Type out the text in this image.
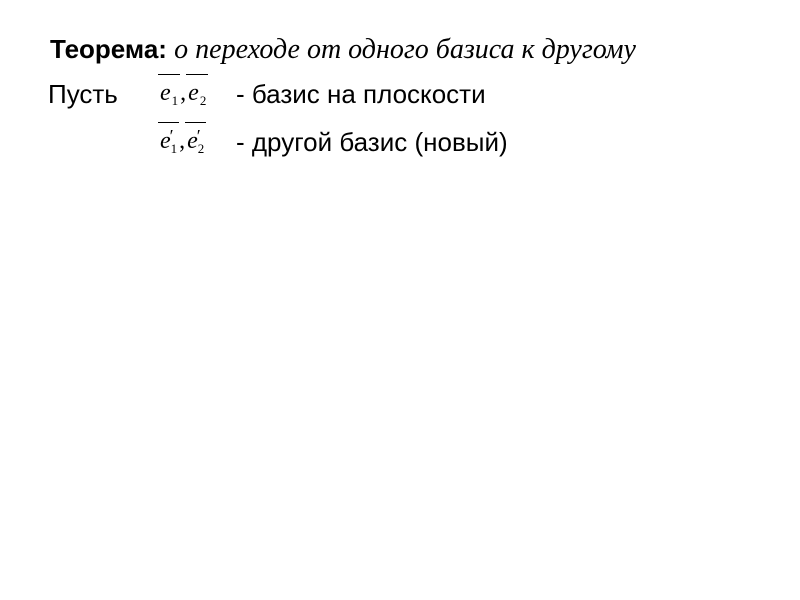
Теорема: о переходе от одного базиса к другому
Пусть $e_1$,
$e_2$ - базис на плоскости
$e'_1$,
$e'_2$ - другой базис (новый)
